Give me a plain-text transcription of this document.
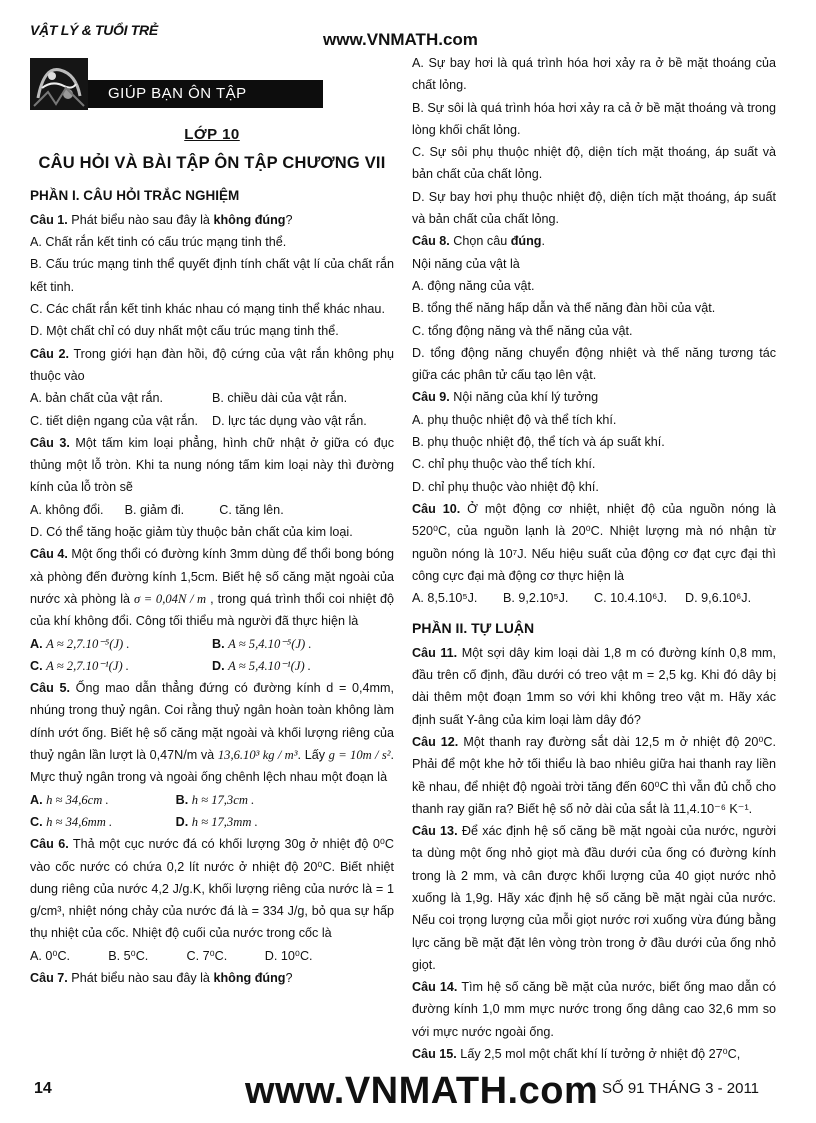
VẬT LÝ & TUỔI TRẺ	www.VNMATH.com
GIÚP BẠN ÔN TẬP
LỚP 10
CÂU HỎI VÀ BÀI TẬP ÔN TẬP CHƯƠNG VII
PHẦN I. CÂU HỎI TRẮC NGHIỆM

Câu 1. Phát biểu nào sau đây là không đúng?

A. Chất rắn kết tinh có cấu trúc mạng tinh thể.

B. Cấu trúc mạng tinh thể quyết định tính chất vật lí của chất rắn kết tinh.

C. Các chất rắn kết tinh khác nhau có mạng tinh thể khác nhau.

D. Một chất chỉ có duy nhất một cấu trúc mạng tinh thể.

Câu 2. Trong giới hạn đàn hồi, độ cứng của vật rắn không phụ thuộc vào

A. bản chất của vật rắn.	B. chiều dài của vật rắn.
C. tiết diện ngang của vật rắn.	D. lực tác dụng vào vật rắn.

Câu 3. Một tấm kim loại phẳng, hình chữ nhật ở giữa có đục thủng một lỗ tròn. Khi ta nung nóng tấm kim loại này thì đường kính của lỗ tròn sẽ

A. không đổi.	B. giảm đi.	C. tăng lên.

D. Có thể tăng hoặc giảm tùy thuộc bản chất của kim loại.

Câu 4. Một ống thổi có đường kính 3mm dùng để thổi bong bóng xà phòng đến đường kính 1,5cm. Biết hệ số căng mặt ngoài của nước xà phòng là σ = 0,04N / m , trong quá trình thổi coi nhiệt độ của khí không đổi. Công tối thiểu mà người đã thực hiện là

A. A ≈ 2,7.10⁻⁵(J) .	B. A ≈ 5,4.10⁻⁵(J) .
C. A ≈ 2,7.10⁻¹(J) .	D. A ≈ 5,4.10⁻¹(J) .

Câu 5. Ống mao dẫn thẳng đứng có đường kính d = 0,4mm, nhúng trong thuỷ ngân. Coi rằng thuỷ ngân hoàn toàn không làm dính ướt ống. Biết hệ số căng mặt ngoài và khối lượng riêng của thuỷ ngân lần lượt là 0,47N/m và 13,6.10³ kg / m³. Lấy g = 10m / s². Mực thuỷ ngân trong và ngoài ống chênh lệch nhau một đoạn là

A. h ≈ 34,6cm .	B. h ≈ 17,3cm .
C. h ≈ 34,6mm .	D. h ≈ 17,3mm .

Câu 6. Thả một cục nước đá có khối lượng 30g ở nhiệt độ 0⁰C vào cốc nước có chứa 0,2 lít nước ở nhiệt độ 20⁰C. Biết nhiệt dung riêng của nước 4,2 J/g.K, khối lượng riêng của nước là = 1 g/cm³, nhiệt nóng chảy của nước đá là = 334 J/g, bỏ qua sự hấp thụ nhiệt của cốc. Nhiệt độ cuối của nước trong cốc là

A. 0⁰C.	B. 5⁰C.	C. 7⁰C.	D. 10⁰C.

Câu 7. Phát biểu nào sau đây là không đúng?

A. Sự bay hơi là quá trình hóa hơi xảy ra ở bề mặt thoáng của chất lỏng.

B. Sự sôi là quá trình hóa hơi xảy ra cả ở bề mặt thoáng và trong lòng khối chất lỏng.

C. Sự sôi phụ thuộc nhiệt độ, diện tích mặt thoáng, áp suất và bản chất của chất lỏng.

D. Sự bay hơi phụ thuộc nhiệt độ, diện tích mặt thoáng, áp suất và bản chất của chất lỏng.

Câu 8. Chọn câu đúng.

Nội năng của vật là

A. động năng của vật.

B. tổng thế năng hấp dẫn và thế năng đàn hồi của vật.

C. tổng động năng và thế năng của vật.

D. tổng động năng chuyển động nhiệt và thế năng tương tác giữa các phân tử cấu tạo lên vật.

Câu 9. Nội năng của khí lý tưởng

A. phụ thuộc nhiệt độ và thể tích khí.

B. phụ thuộc nhiệt độ, thể tích và áp suất khí.

C. chỉ phụ thuộc vào thể tích khí.

D. chỉ phụ thuộc vào nhiệt độ khí.

Câu 10. Ở một động cơ nhiệt, nhiệt độ của nguồn nóng là 520⁰C, của nguồn lạnh là 20⁰C. Nhiệt lượng mà nó nhận từ nguồn nóng là 10⁷J. Nếu hiệu suất của động cơ đạt cực đại thì công cực đại mà động cơ thực hiện là

A. 8,5.10⁵J.	B. 9,2.10⁵J.	C. 10.4.10⁶J.	D. 9,6.10⁶J.
PHẦN II. TỰ LUẬN

Câu 11. Một sợi dây kim loại dài 1,8 m có đường kính 0,8 mm, đầu trên cố định, đầu dưới có treo vật m = 2,5 kg. Khi đó dây bị dài thêm một đoạn 1mm so với khi không treo vật m. Hãy xác định suất Y-âng của kim loại làm dây đó?

Câu 12. Một thanh ray đường sắt dài 12,5 m ở nhiệt độ 20⁰C. Phải để một khe hở tối thiểu là bao nhiêu giữa hai thanh ray liền kề nhau, để nhiệt độ ngoài trời tăng đến 60⁰C thì vẫn đủ chỗ cho thanh ray giãn ra? Biết hệ số nở dài của sắt là 11,4.10⁻⁶ K⁻¹.

Câu 13. Để xác định hệ số căng bề mặt ngoài của nước, người ta dùng một ống nhỏ giọt mà đầu dưới của ống có đường kính trong là 2 mm, và cân được khối lượng của 40 giọt nước nhỏ xuống là 1,9g. Hãy xác định hệ số căng bề mặt ngài của nước. Nếu coi trọng lượng của mỗi giọt nước rơi xuống vừa đúng bằng lực căng bề mặt đặt lên vòng tròn trong ở đầu dưới của ống nhỏ giọt.

Câu 14. Tìm hệ số căng bề mặt của nước, biết ống mao dẫn có đường kính 1,0 mm mực nước trong ống dâng cao 32,6 mm so với mực nước ngoài ống.

Câu 15. Lấy 2,5 mol một chất khí lí tưởng ở nhiệt độ 27⁰C,

14	www.VNMATH.com SỐ 91 THÁNG 3 - 2011
